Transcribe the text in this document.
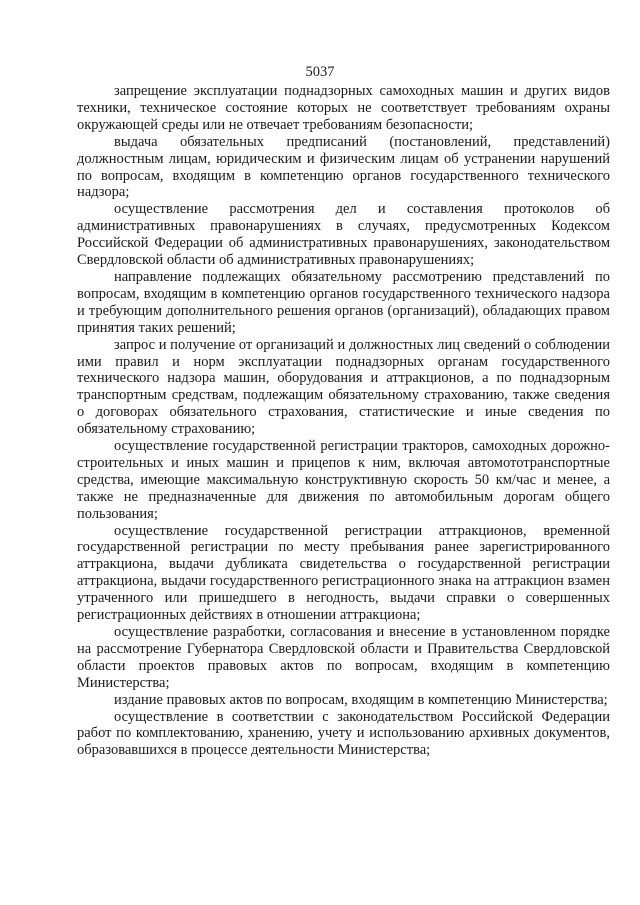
5037

запрещение эксплуатации поднадзорных самоходных машин и других видов техники, техническое состояние которых не соответствует требованиям охраны окружающей среды или не отвечает требованиям безопасности;

выдача обязательных предписаний (постановлений, представлений) должностным лицам, юридическим и физическим лицам об устранении нарушений по вопросам, входящим в компетенцию органов государственного технического надзора;

осуществление рассмотрения дел и составления протоколов об административных правонарушениях в случаях, предусмотренных Кодексом Российской Федерации об административных правонарушениях, законодательством Свердловской области об административных правонарушениях;

направление подлежащих обязательному рассмотрению представлений по вопросам, входящим в компетенцию органов государственного технического надзора и требующим дополнительного решения органов (организаций), обладающих правом принятия таких решений;

запрос и получение от организаций и должностных лиц сведений о соблюдении ими правил и норм эксплуатации поднадзорных органам государственного технического надзора машин, оборудования и аттракционов, а по поднадзорным транспортным средствам, подлежащим обязательному страхованию, также сведения о договорах обязательного страхования, статистические и иные сведения по обязательному страхованию;

осуществление государственной регистрации тракторов, самоходных дорожно-строительных и иных машин и прицепов к ним, включая автомототранспортные средства, имеющие максимальную конструктивную скорость 50 км/час и менее, а также не предназначенные для движения по автомобильным дорогам общего пользования;

осуществление государственной регистрации аттракционов, временной государственной регистрации по месту пребывания ранее зарегистрированного аттракциона, выдачи дубликата свидетельства о государственной регистрации аттракциона, выдачи государственного регистрационного знака на аттракцион взамен утраченного или пришедшего в негодность, выдачи справки о совершенных регистрационных действиях в отношении аттракциона;

осуществление разработки, согласования и внесение в установленном порядке на рассмотрение Губернатора Свердловской области и Правительства Свердловской области проектов правовых актов по вопросам, входящим в компетенцию Министерства;

издание правовых актов по вопросам, входящим в компетенцию Министерства;

осуществление в соответствии с законодательством Российской Федерации работ по комплектованию, хранению, учету и использованию архивных документов, образовавшихся в процессе деятельности Министерства;
